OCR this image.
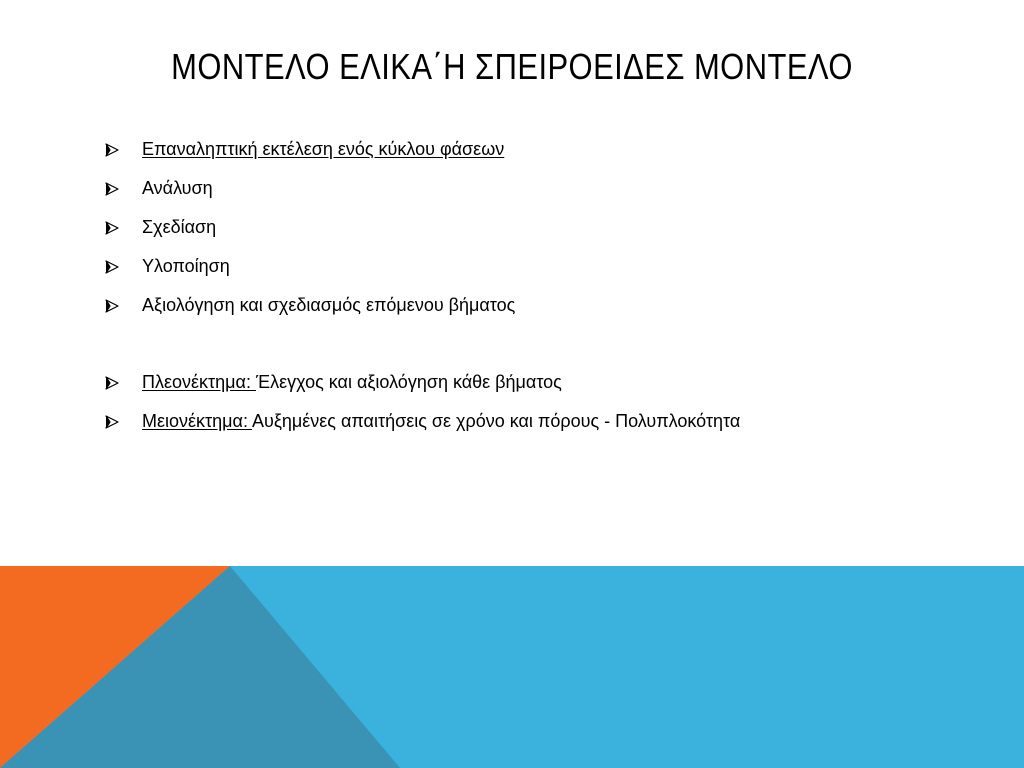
ΜΟΝΤΕΛΟ ΕΛΙΚΑ΄Η ΣΠΕΙΡΟΕΙΔΕΣ ΜΟΝΤΕΛΟ
Επαναληπτική εκτέλεση ενός κύκλου φάσεων
Ανάλυση
Σχεδίαση
Υλοποίηση
Αξιολόγηση και σχεδιασμός επόμενου βήματος
Πλεονέκτημα: Έλεγχος και αξιολόγηση κάθε βήματος
Μειονέκτημα: Αυξημένες απαιτήσεις σε χρόνο και πόρους - Πολυπλοκότητα
